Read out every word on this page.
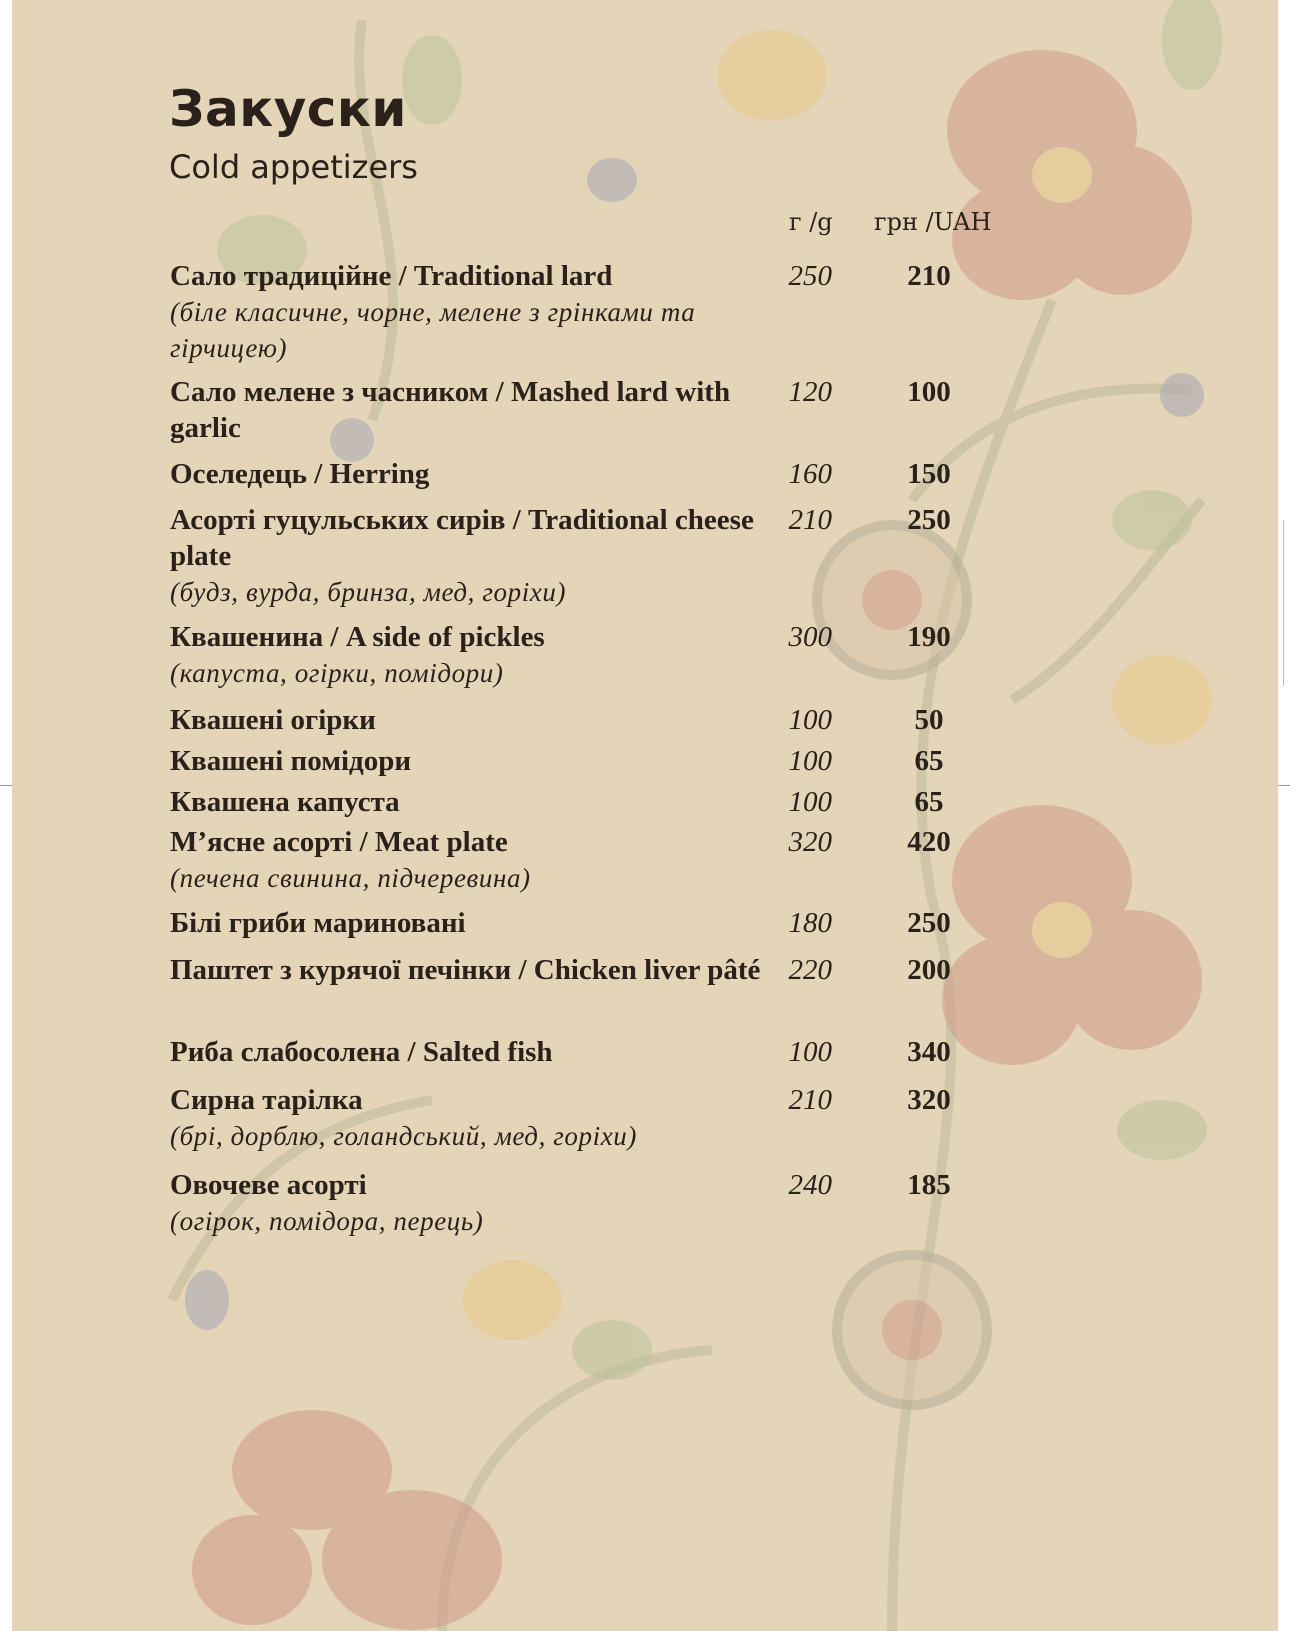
Закуски
Cold appetizers
г /g грн /UAH
Сало традиційне / Traditional lard
(біле класичне, чорне, мелене з грінками та гірчицею)
250	210
Сало мелене з часником / Mashed lard with garlic
120	100
Оселедець / Herring	160	150
Асорті гуцульських сирів / Traditional cheese plate
(будз, вурда, бринза, мед, горіхи)
210	250
Квашенина / A side of pickles
(капуста, огірки, помідори)
300	190
Квашені огірки	100	50
Квашені помідори	100	65
Квашена капуста	100	65
М’ясне асорті / Meat plate
(печена свинина, підчеревина)
320	420
Білі гриби мариновані	180	250
Паштет з курячої печінки / Chicken liver pâté 220	200
Риба слабосолена / Salted fish	100	340
Сирна тарілка
(брі, дорблю, голандський, мед, горіхи)
210	320
Овочеве асорті
(огірок, помідора, перець)
240	185
